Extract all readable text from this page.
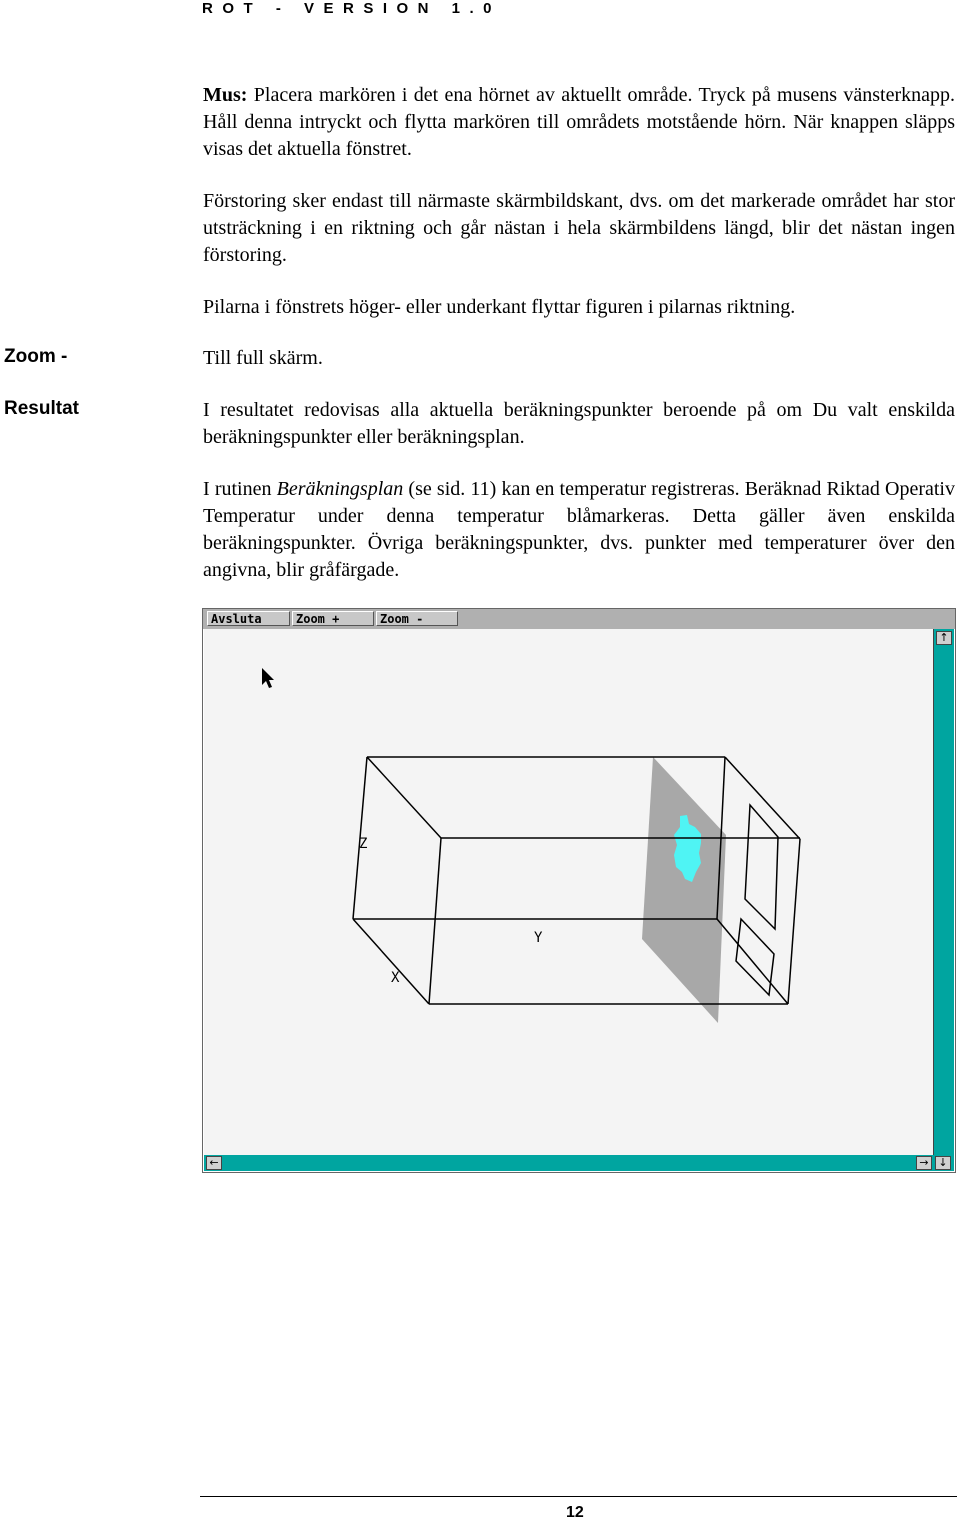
ROT - VERSION 1.0
Mus: Placera markören i det ena hörnet av aktuellt område. Tryck på musens vänsterknapp. Håll denna intryckt och flytta markören till områdets motstående hörn. När knappen släpps visas det aktuella fönstret.
Förstoring sker endast till närmaste skärmbildskant, dvs. om det markerade området har stor utsträckning i en riktning och går nästan i hela skärmbildens längd, blir det nästan ingen förstoring.
Pilarna i fönstrets höger- eller underkant flyttar figuren i pilarnas riktning.
Zoom -	Till full skärm.
Resultat	I resultatet redovisas alla aktuella beräkningspunkter beroende på om Du valt enskilda beräkningspunkter eller beräkningsplan.
I rutinen Beräkningsplan (se sid. 11) kan en temperatur registreras. Beräknad Riktad Operativ Temperatur under denna temperatur blåmarkeras. Detta gäller även enskilda beräkningspunkter. Övriga beräkningspunkter, dvs. punkter med temperaturer över den angivna, blir gråfärgade.
Avsluta	Zoom +	Zoom -
Z
Y
X
↑
←	→ ↓
12
